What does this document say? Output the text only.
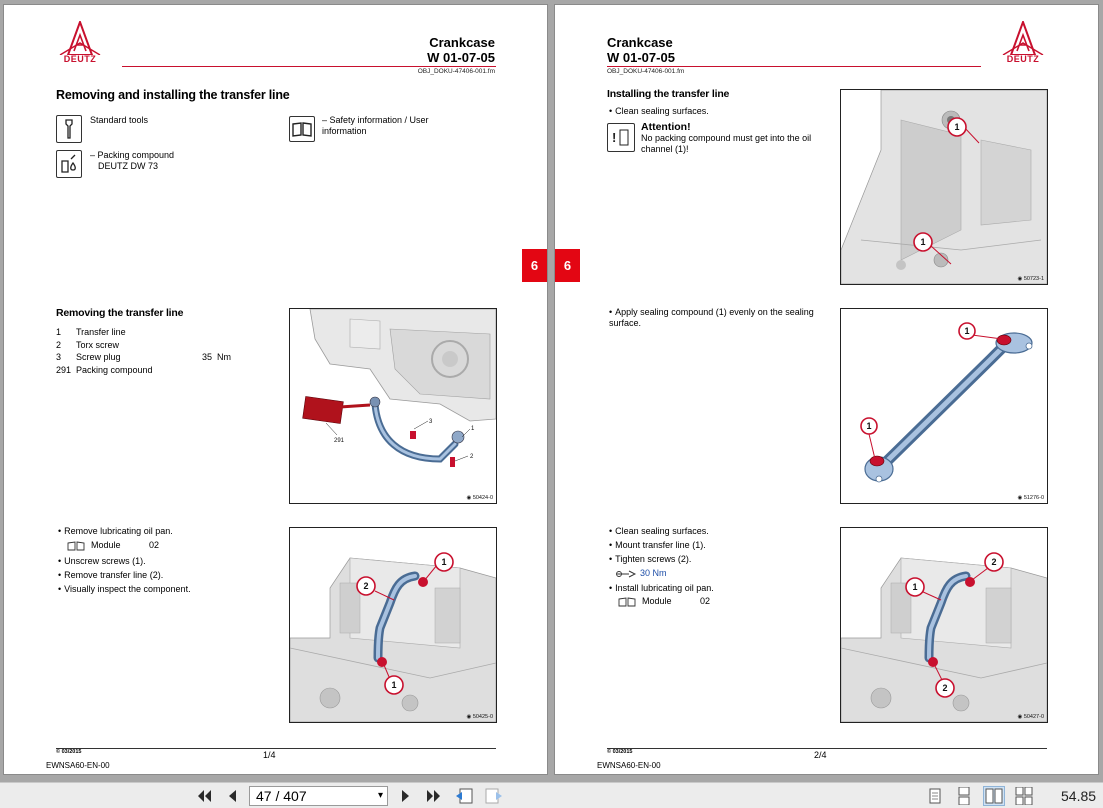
DEUTZ
Crankcase
W 01-07-05
OBJ_DOKU-47406-001.fm
Removing and installing the transfer line
Standard tools	– Safety information / User information
– Packing compound
DEUTZ DW 73
Removing the transfer line
1 Transfer line
2 Torx screw
3 Screw plug	35  Nm
291 Packing compound
291
3
1
2
◉ 50424-0
• Remove lubricating oil pan.
Module	02
• Unscrew screws (1).
• Remove transfer line (2).
• Visually inspect the component.
1
2
1
◉ 50425-0
© 03/2015	1/4
EWNSA60-EN-00
6	6
Crankcase
W 01-07-05
OBJ_DOKU-47406-001.fm
DEUTZ
Installing the transfer line
• Clean sealing surfaces.
!
Attention!
No packing compound must get into the oil channel (1)!
1
1
◉ 50723-1
• Apply sealing compound (1) evenly on the sealing surface.
1
1
◉ 51276-0
• Clean sealing surfaces.
• Mount transfer line (1).
• Tighten screws (2).
30 Nm
• Install lubricating oil pan.
Module	02
2
1
2
◉ 50427-0
© 03/2015	2/4
EWNSA60-EN-00
47 / 407	▾	54.85
